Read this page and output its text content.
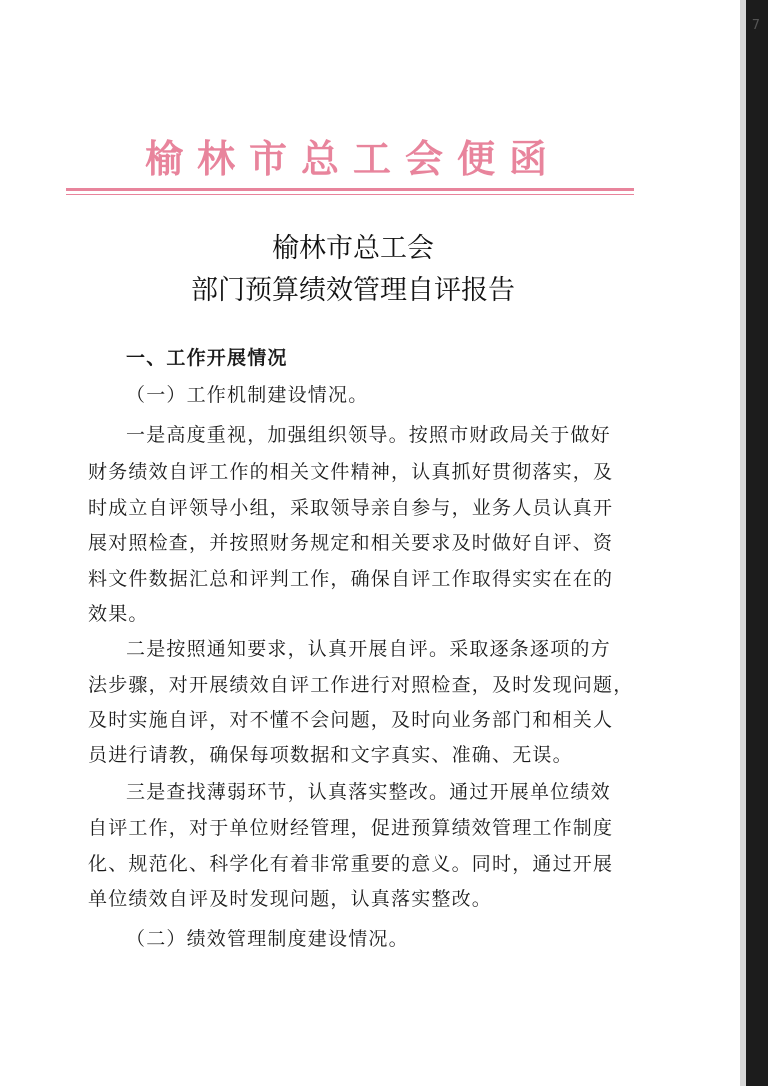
7
榆林市总工会便函
榆林市总工会
部门预算绩效管理自评报告
一、工作开展情况
（一）工作机制建设情况。
一是高度重视，加强组织领导。按照市财政局关于做好
财务绩效自评工作的相关文件精神，认真抓好贯彻落实，及
时成立自评领导小组，采取领导亲自参与，业务人员认真开
展对照检查，并按照财务规定和相关要求及时做好自评、资
料文件数据汇总和评判工作，确保自评工作取得实实在在的
效果。
二是按照通知要求，认真开展自评。采取逐条逐项的方
法步骤，对开展绩效自评工作进行对照检查，及时发现问题，
及时实施自评，对不懂不会问题，及时向业务部门和相关人
员进行请教，确保每项数据和文字真实、准确、无误。
三是查找薄弱环节，认真落实整改。通过开展单位绩效
自评工作，对于单位财经管理，促进预算绩效管理工作制度
化、规范化、科学化有着非常重要的意义。同时，通过开展
单位绩效自评及时发现问题，认真落实整改。
（二）绩效管理制度建设情况。
